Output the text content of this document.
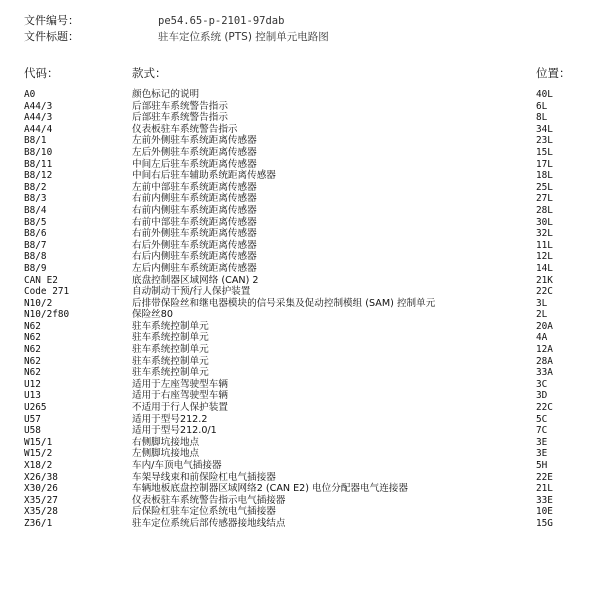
文件编号：	pe54.65-p-2101-97dab
文件标题：	驻车定位系统 (PTS) 控制单元电路图
代码：	款式：	位置：
A0	颜色标记的说明	40L
A44/3	后部驻车系统警告指示	6L
A44/3	后部驻车系统警告指示	8L
A44/4	仪表板驻车系统警告指示	34L
B8/1	左前外侧驻车系统距离传感器	23L
B8/10	左后外侧驻车系统距离传感器	15L
B8/11	中间左后驻车系统距离传感器	17L
B8/12	中间右后驻车辅助系统距离传感器	18L
B8/2	左前中部驻车系统距离传感器	25L
B8/3	右前内侧驻车系统距离传感器	27L
B8/4	右前内侧驻车系统距离传感器	28L
B8/5	右前中部驻车系统距离传感器	30L
B8/6	右前外侧驻车系统距离传感器	32L
B8/7	右后外侧驻车系统距离传感器	11L
B8/8	右后内侧驻车系统距离传感器	12L
B8/9	左后内侧驻车系统距离传感器	14L
CAN E2	底盘控制器区域网络 (CAN) 2	21K
Code 271	自动制动干预/行人保护装置	22C
N10/2	后排带保险丝和继电器模块的信号采集及促动控制模组 (SAM) 控制单元	3L
N10/2f80	保险丝80	2L
N62	驻车系统控制单元	20A
N62	驻车系统控制单元	4A
N62	驻车系统控制单元	12A
N62	驻车系统控制单元	28A
N62	驻车系统控制单元	33A
U12	适用于左座驾驶型车辆	3C
U13	适用于右座驾驶型车辆	3D
U265	不适用于行人保护装置	22C
U57	适用于型号212.2	5C
U58	适用于型号212.0/1	7C
W15/1	右侧脚坑接地点	3E
W15/2	左侧脚坑接地点	3E
X18/2	车内/车顶电气插接器	5H
X26/38	车架导线束和前保险杠电气插接器	22E
X30/26	车辆地板底盘控制器区域网络2 (CAN E2) 电位分配器电气连接器	21L
X35/27	仪表板驻车系统警告指示电气插接器	33E
X35/28	后保险杠驻车定位系统电气插接器	10E
Z36/1	驻车定位系统后部传感器接地线结点	15G
